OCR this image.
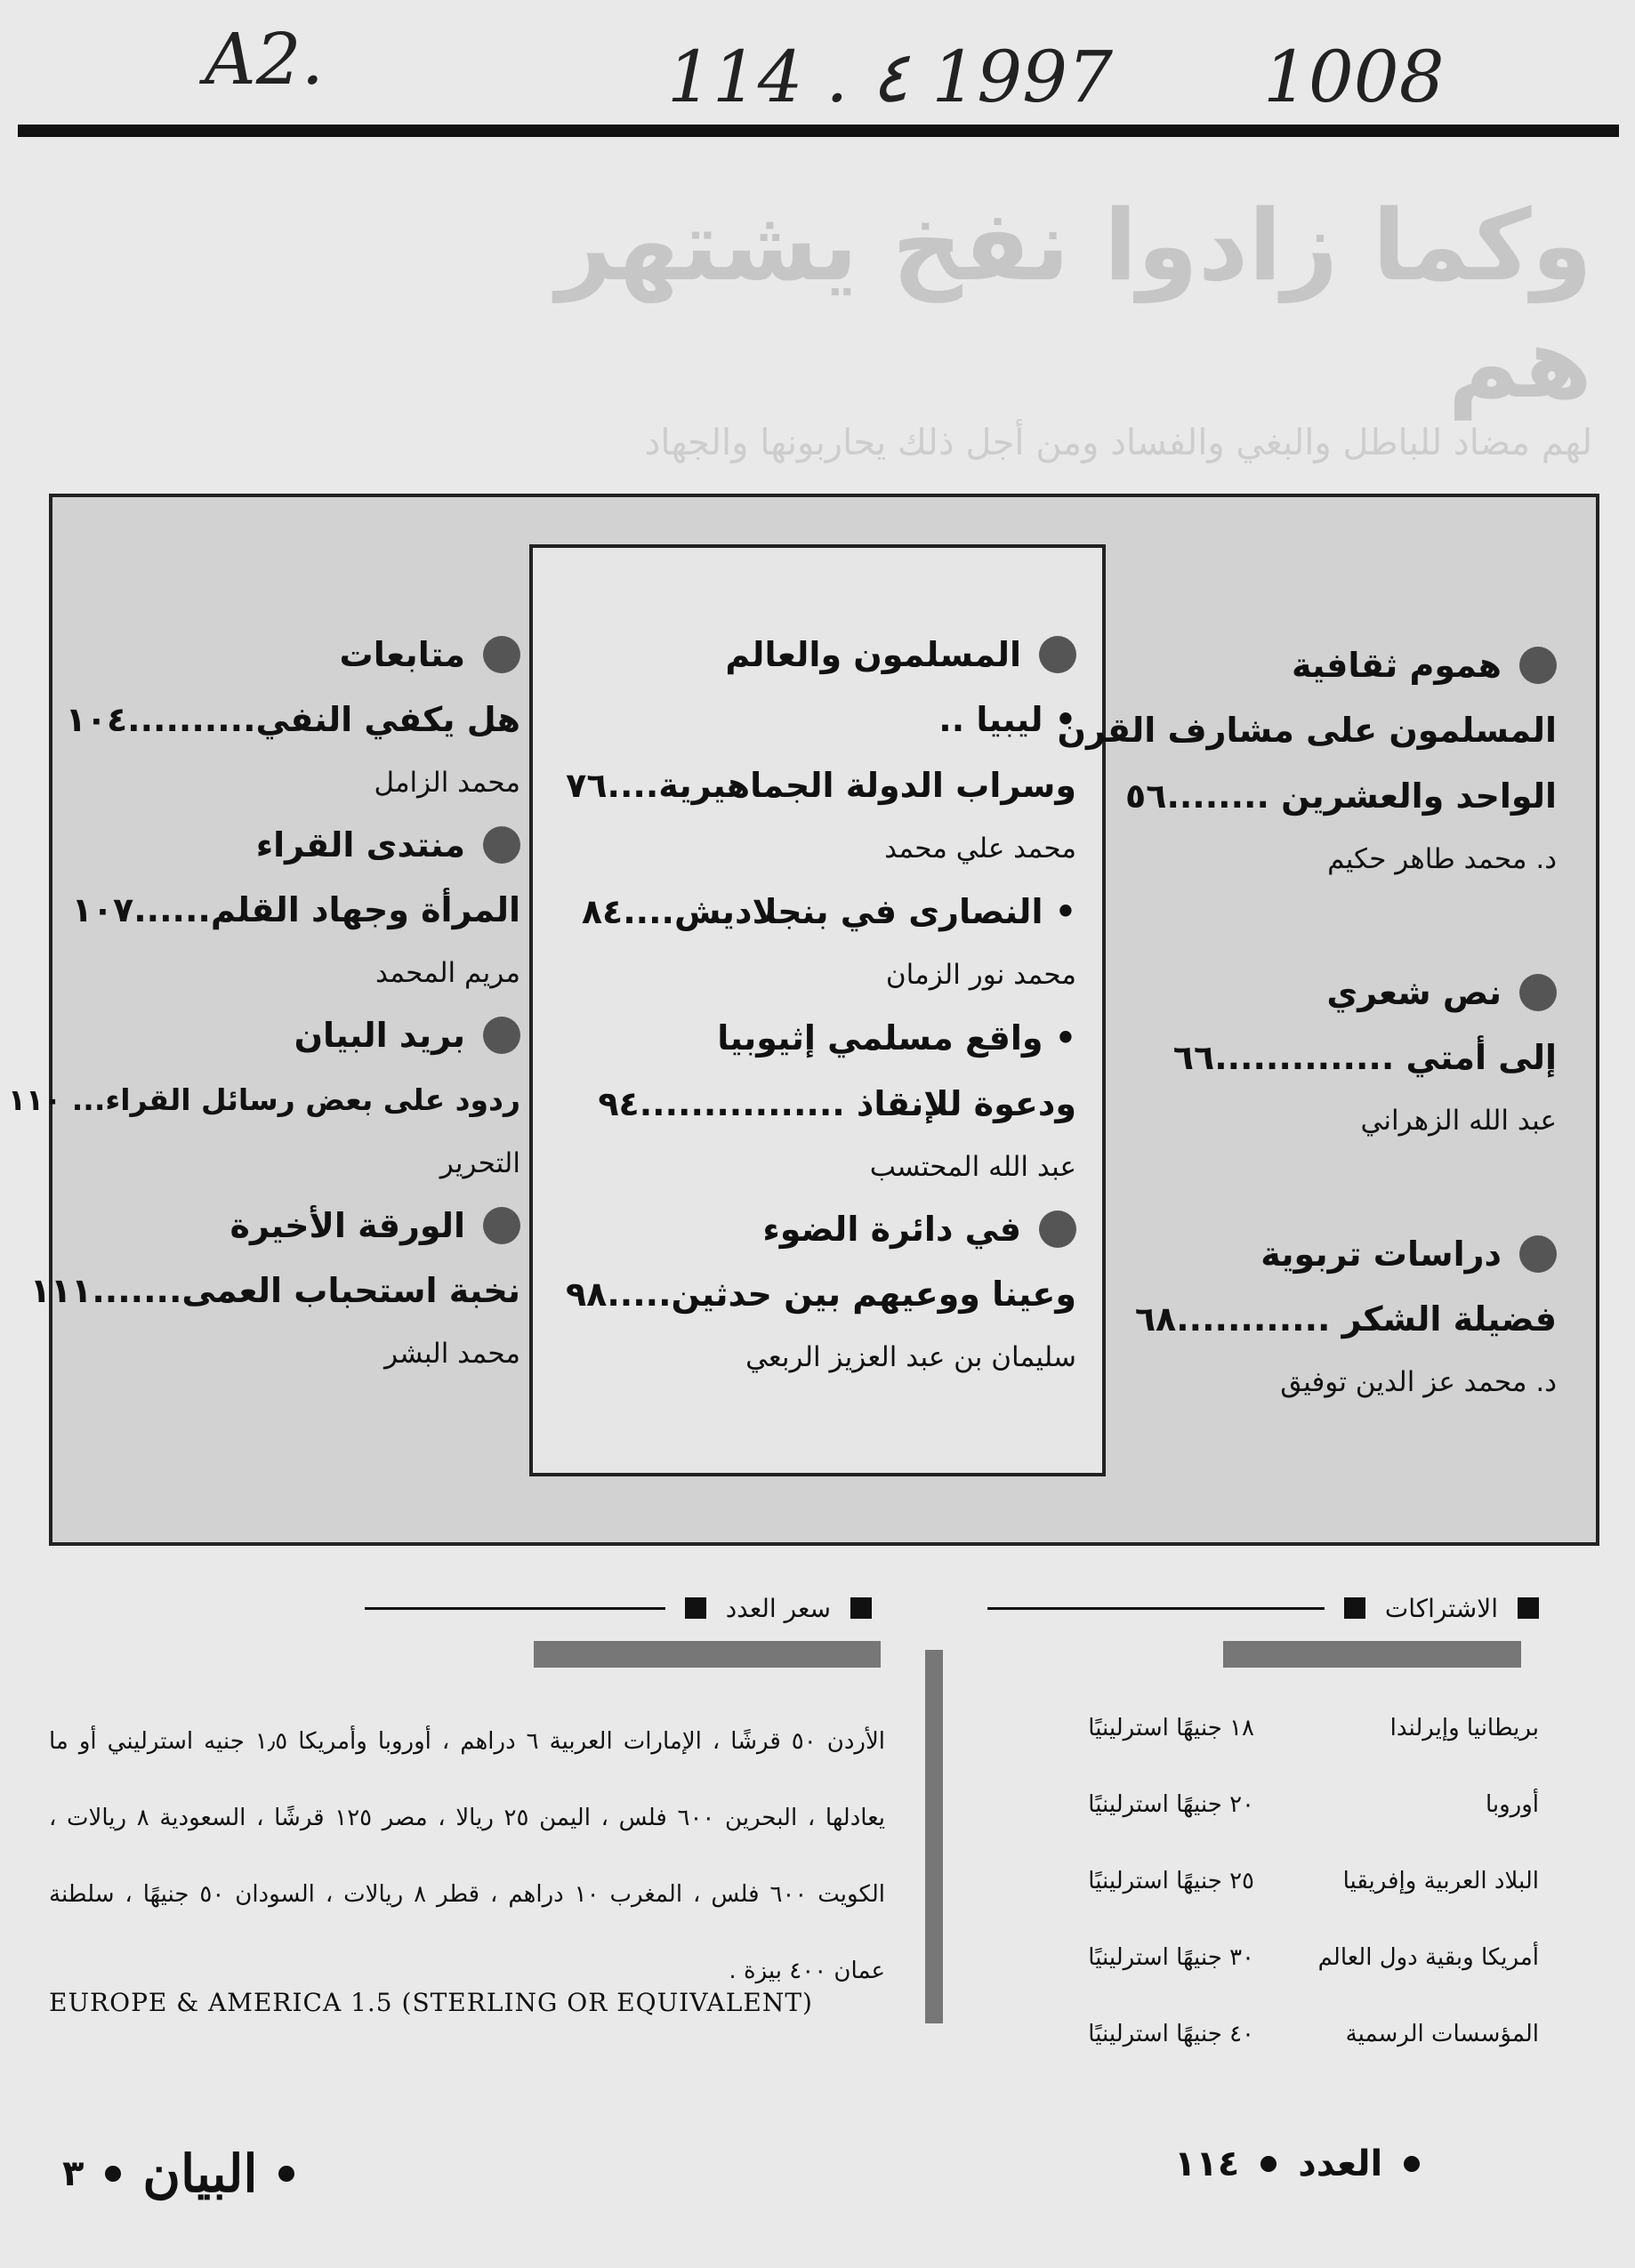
A2.	114 . ٤ 1997 1008
وكما زادوا نفخ يشتهر هم
لهم مضاد للباطل والبغي والفساد ومن أجل ذلك يحاربونها والجهاد
هموم ثقافية
المسلمون على مشارف القرن
الواحد والعشرين ........٥٦
د. محمد طاهر حكيم
نص شعري
إلى أمتي ..............٦٦
عبد الله الزهراني
دراسات تربوية
فضيلة الشكر ............٦٨
د. محمد عز الدين توفيق
المسلمون والعالم
• ليبيا ..
وسراب الدولة الجماهيرية....٧٦
محمد علي محمد
• النصارى في بنجلاديش....٨٤
محمد نور الزمان
• واقع مسلمي إثيوبيا
ودعوة للإنقاذ ................٩٤
عبد الله المحتسب
في دائرة الضوء
وعينا ووعيهم بين حدثين.....٩٨
سليمان بن عبد العزيز الربعي
متابعات
هل يكفي النفي..........١٠٤
محمد الزامل
منتدى القراء
المرأة وجهاد القلم......١٠٧
مريم المحمد
بريد البيان
ردود على بعض رسائل القراء... ١١٠
التحرير
الورقة الأخيرة
نخبة استحباب العمى.......١١١
محمد البشر
الاشتراكات
سعر العدد
بريطانيا وإيرلندا
١٨ جنيهًا استرلينيًا
أوروبا
٢٠ جنيهًا استرلينيًا
البلاد العربية وإفريقيا
٢٥ جنيهًا استرلينيًا
أمريكا وبقية دول العالم
٣٠ جنيهًا استرلينيًا
المؤسسات الرسمية
٤٠ جنيهًا استرلينيًا
الأردن ٥٠ قرشًا ، الإمارات العربية ٦ دراهم ، أوروبا وأمريكا ١٫٥ جنيه استرليني أو ما يعادلها ، البحرين ٦٠٠ فلس ، اليمن ٢٥ ريالا ، مصر ١٢٥ قرشًا ، السعودية ٨ ريالات ، الكويت ٦٠٠ فلس ، المغرب ١٠ دراهم ، قطر ٨ ريالات ، السودان ٥٠ جنيهًا ، سلطنة عمان ٤٠٠ بيزة .
EUROPE & AMERICA 1.5 (STERLING OR EQUIVALENT)
العدد
١١٤
البيان
٣
